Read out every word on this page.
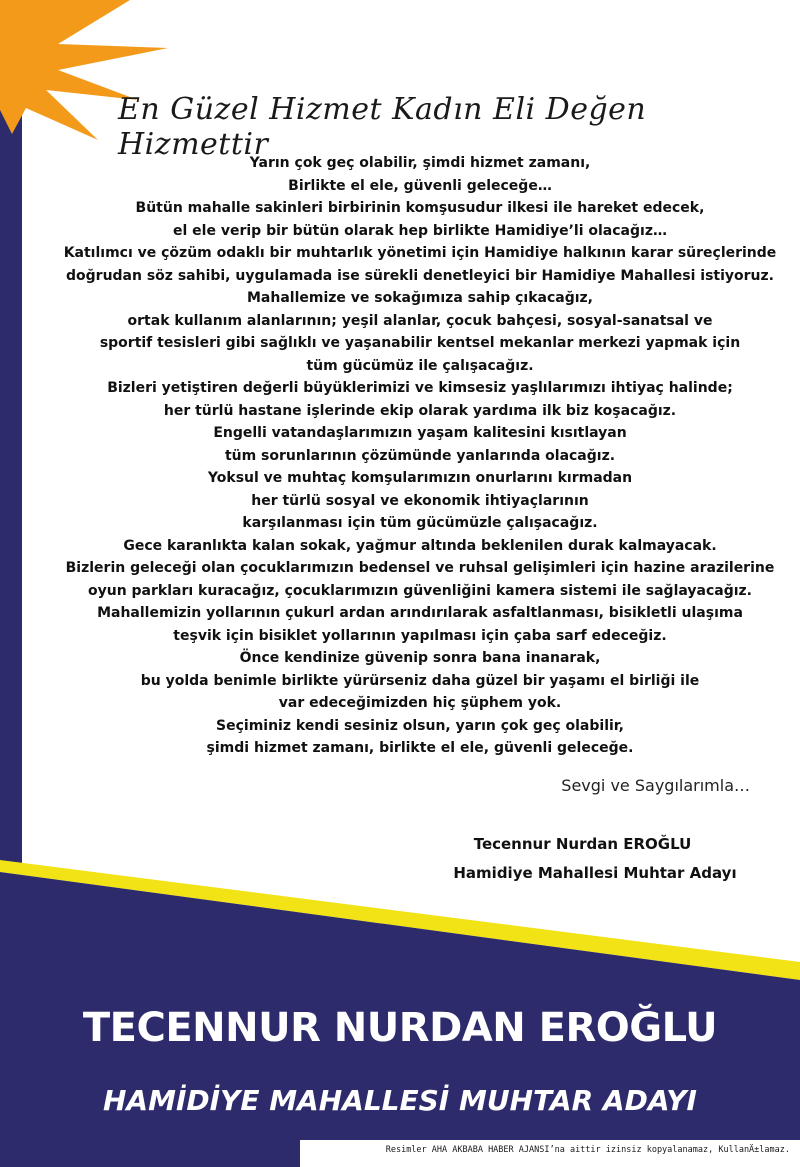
En Güzel Hizmet Kadın Eli Değen Hizmettir
Yarın çok geç olabilir, şimdi hizmet zamanı,
Birlikte el ele, güvenli geleceğe…
Bütün mahalle sakinleri birbirinin komşusudur ilkesi ile hareket edecek,
el ele verip bir bütün olarak hep birlikte Hamidiye’li olacağız…
Katılımcı ve çözüm odaklı bir muhtarlık yönetimi için Hamidiye halkının karar süreçlerinde
doğrudan söz sahibi, uygulamada ise sürekli denetleyici bir Hamidiye Mahallesi istiyoruz.
Mahallemize ve sokağımıza sahip çıkacağız,
ortak kullanım alanlarının; yeşil alanlar, çocuk bahçesi, sosyal-sanatsal ve
sportif tesisleri gibi sağlıklı ve yaşanabilir kentsel mekanlar merkezi yapmak için
tüm gücümüz ile çalışacağız.
Bizleri yetiştiren değerli büyüklerimizi ve kimsesiz yaşlılarımızı ihtiyaç halinde;
her türlü hastane işlerinde ekip olarak yardıma ilk biz koşacağız.
Engelli vatandaşlarımızın yaşam kalitesini kısıtlayan
tüm sorunlarının çözümünde yanlarında olacağız.
Yoksul ve muhtaç komşularımızın onurlarını kırmadan
her türlü sosyal ve ekonomik ihtiyaçlarının
karşılanması için tüm gücümüzle çalışacağız.
Gece karanlıkta kalan sokak, yağmur altında beklenilen durak kalmayacak.
Bizlerin geleceği olan çocuklarımızın bedensel ve ruhsal gelişimleri için hazine arazilerine
oyun parkları kuracağız, çocuklarımızın güvenliğini kamera sistemi ile sağlayacağız.
Mahallemizin yollarının çukurl ardan arındırılarak asfaltlanması, bisikletli ulaşıma
teşvik için bisiklet yollarının yapılması için çaba sarf edeceğiz.
Önce kendinize güvenip sonra bana inanarak,
bu yolda benimle birlikte yürürseniz daha güzel bir yaşamı el birliği ile
var edeceğimizden hiç şüphem yok.
Seçiminiz kendi sesiniz olsun, yarın çok geç olabilir,
şimdi hizmet zamanı, birlikte el ele, güvenli geleceğe.
Sevgi ve Saygılarımla…
Tecennur Nurdan EROĞLU
Hamidiye Mahallesi Muhtar Adayı
TECENNUR NURDAN EROĞLU
HAMİDİYE MAHALLESİ MUHTAR ADAYI
Resimler AHA AKBABA HABER AJANSI’na aittir izinsiz kopyalanamaz, KullanÄ±lamaz.
